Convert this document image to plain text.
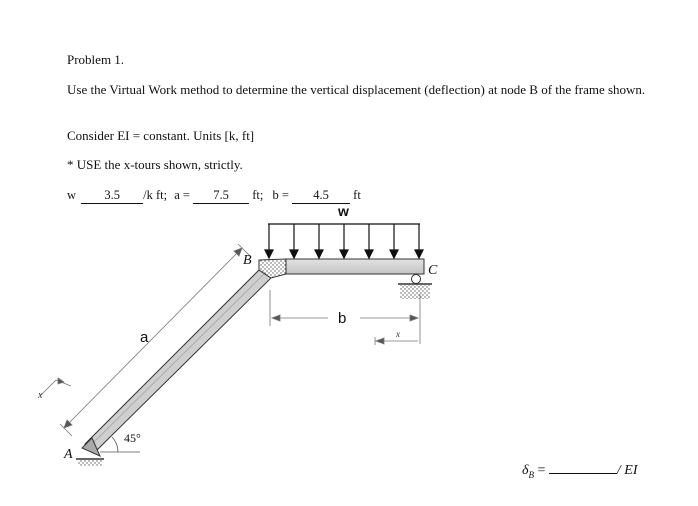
Problem 1.
Use the Virtual Work method to determine the vertical displacement (deflection) at node B of the frame shown.
Consider EI = constant. Units [k, ft]
* USE the x-tours shown, strictly.
w 3.5 /k ft; a = 7.5 ft; b = 4.5 ft
w
B
C
A
a
b
x
x
45°
$\delta_B$ =	/ EI
